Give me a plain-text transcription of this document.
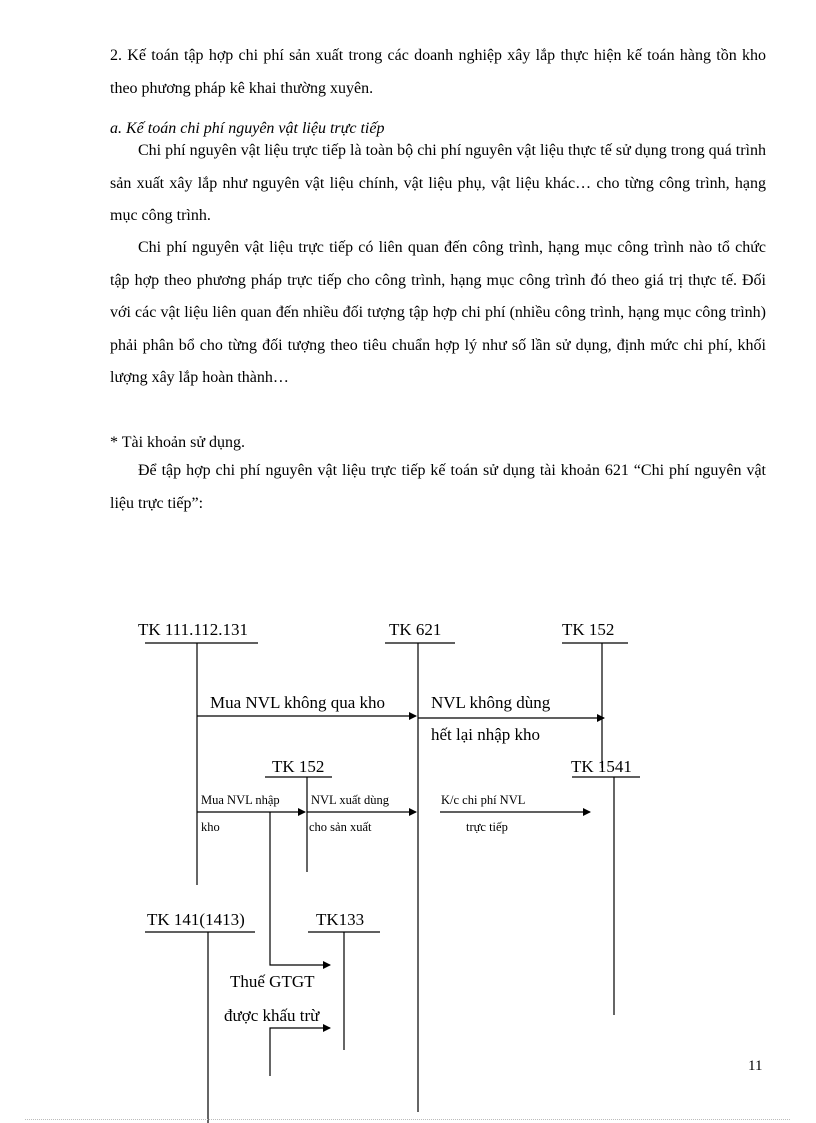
2. Kế toán tập hợp chi phí sản xuất trong các doanh nghiệp xây lắp thực hiện kế toán hàng tồn kho theo phương pháp kê khai thường xuyên.

a. Kế toán chi phí nguyên vật liệu trực tiếp

Chi phí nguyên vật liệu trực tiếp là toàn bộ chi phí nguyên vật liệu thực tế sử dụng trong quá trình sản xuất xây lắp như nguyên vật liệu chính, vật liệu phụ, vật liệu khác… cho từng công trình, hạng mục công trình.

Chi phí nguyên vật liệu trực tiếp có liên quan đến công trình, hạng mục công trình nào tổ chức tập hợp theo phương pháp trực tiếp cho công trình, hạng mục công trình đó theo giá trị thực tế. Đối với các vật liệu liên quan đến nhiều đối tượng tập hợp chi phí (nhiều công trình, hạng mục công trình) phải phân bổ cho từng đối tượng theo tiêu chuẩn hợp lý như số lần sử dụng, định mức chi phí, khối lượng xây lắp hoàn thành…

* Tài khoản sử dụng.

Để tập hợp chi phí nguyên vật liệu trực tiếp kế toán sử dụng tài khoản 621 “Chi phí nguyên vật liệu trực tiếp”:

TK 111.112.131	TK 621	TK 152
TK 152	TK 1541
TK 141(1413)	TK133
Mua NVL không qua kho	NVL không dùng
hết lại nhập kho
Mua NVL nhập
kho
NVL xuất dùng
cho sản xuất
K/c chi phí NVL
trực tiếp
Thuế GTGT
được khấu trừ
11
